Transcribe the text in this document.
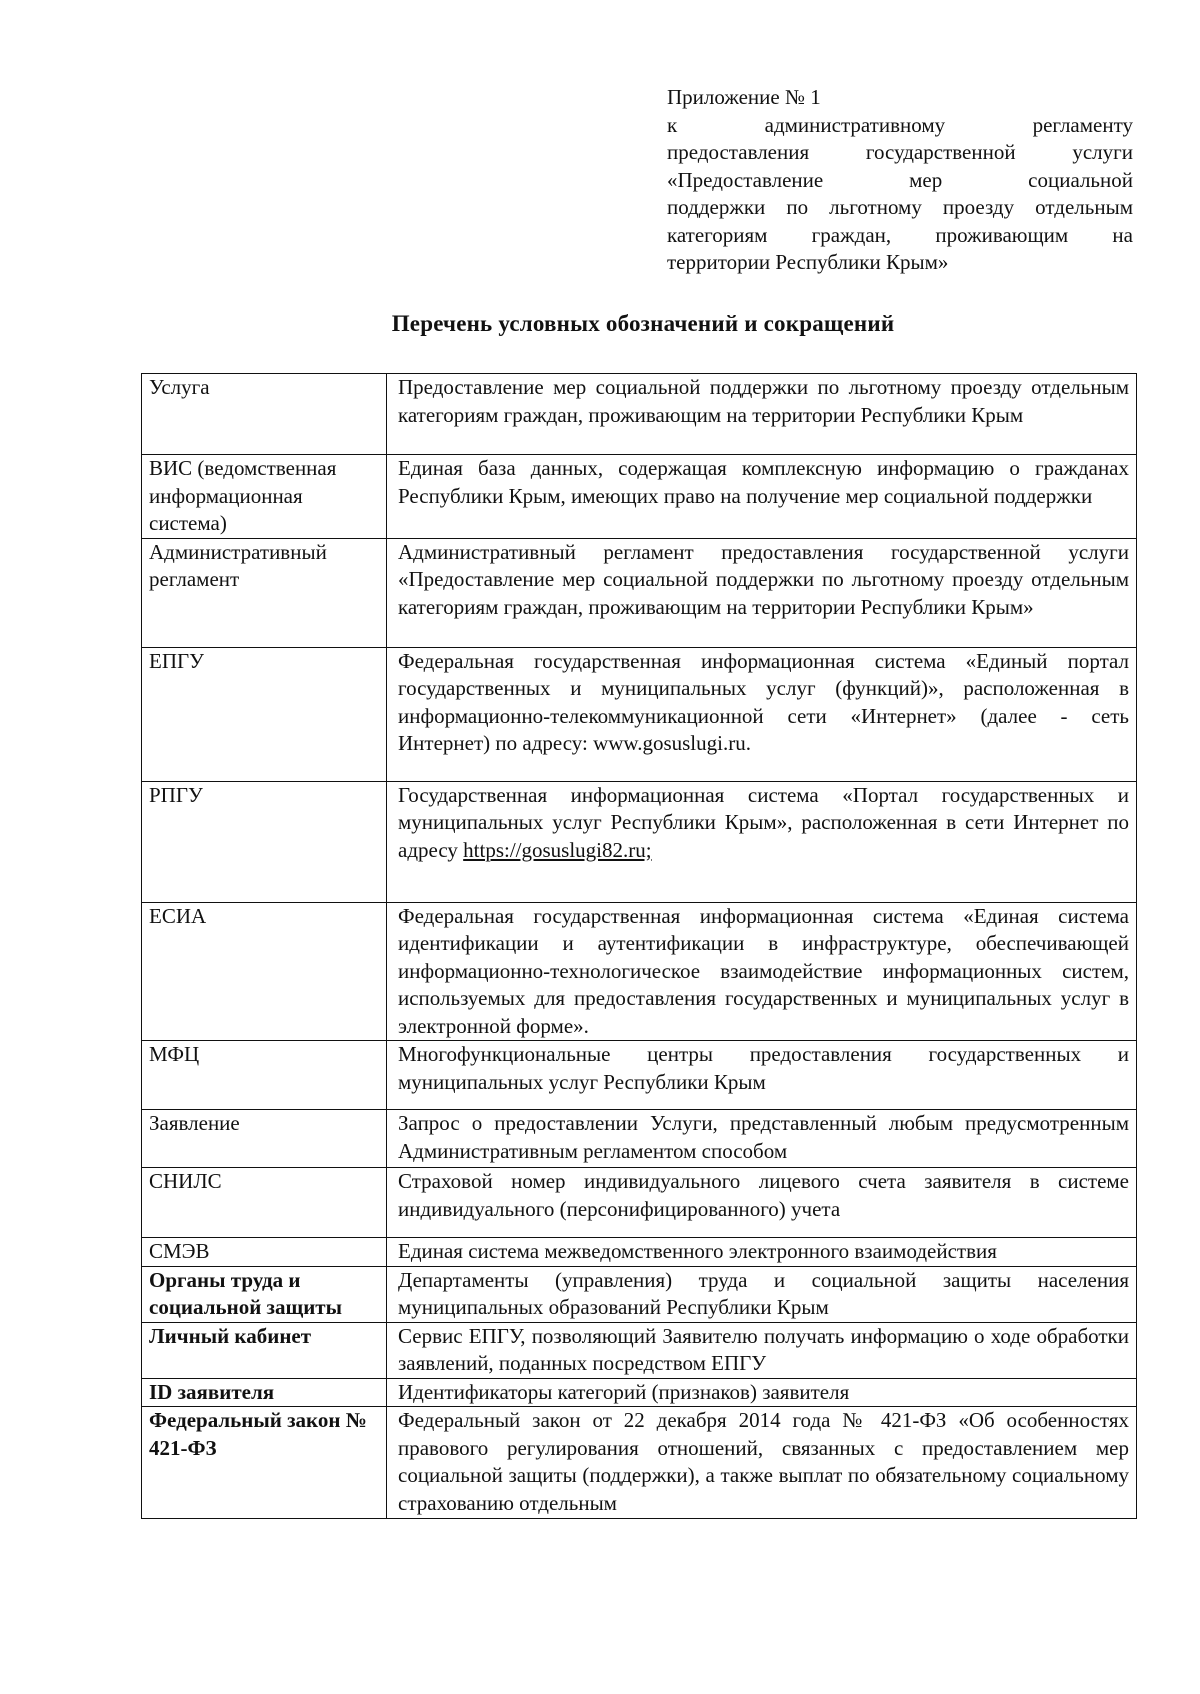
Приложение № 1
к административному регламенту
предоставления государственной услуги
«Предоставление мер социальной
поддержки по льготному проезду отдельным
категориям граждан, проживающим на
территории Республики Крым»
Перечень условных обозначений и сокращений
Услуга	Предоставление мер социальной поддержки по льготному проезду отдельным категориям граждан, проживающим на территории Республики Крым
ВИС (ведомственная информационная система)	Единая база данных, содержащая комплексную информацию о гражданах Республики Крым, имеющих право на получение мер социальной поддержки
Административный регламент	Административный регламент предоставления государственной услуги «Предоставление мер социальной поддержки по льготному проезду отдельным категориям граждан, проживающим на территории Республики Крым»
ЕПГУ	Федеральная государственная информационная система «Единый портал государственных и муниципальных услуг (функций)», расположенная в информационно-телекоммуникационной сети «Интернет» (далее - сеть Интернет) по адресу: www.gosuslugi.ru.
РПГУ	Государственная информационная система «Портал государственных и муниципальных услуг Республики Крым», расположенная в сети Интернет по адресу https://gosuslugi82.ru;
ЕСИА	Федеральная государственная информационная система «Единая система идентификации и аутентификации в инфраструктуре, обеспечивающей информационно-технологическое взаимодействие информационных систем, используемых для предоставления государственных и муниципальных услуг в электронной форме».
МФЦ	Многофункциональные центры предоставления государственных и муниципальных услуг Республики Крым
Заявление	Запрос о предоставлении Услуги, представленный любым предусмотренным Административным регламентом способом
СНИЛС	Страховой номер индивидуального лицевого счета заявителя в системе индивидуального (персонифицированного) учета
СМЭВ	Единая система межведомственного электронного взаимодействия
Органы труда и социальной защиты	Департаменты (управления) труда и социальной защиты населения муниципальных образований Республики Крым
Личный кабинет	Сервис ЕПГУ, позволяющий Заявителю получать информацию о ходе обработки заявлений, поданных посредством ЕПГУ
ID заявителя	Идентификаторы категорий (признаков) заявителя
Федеральный закон № 421-ФЗ	Федеральный закон от 22 декабря 2014 года № 421-ФЗ «Об особенностях правового регулирования отношений, связанных с предоставлением мер социальной защиты (поддержки), а также выплат по обязательному социальному страхованию отдельным
